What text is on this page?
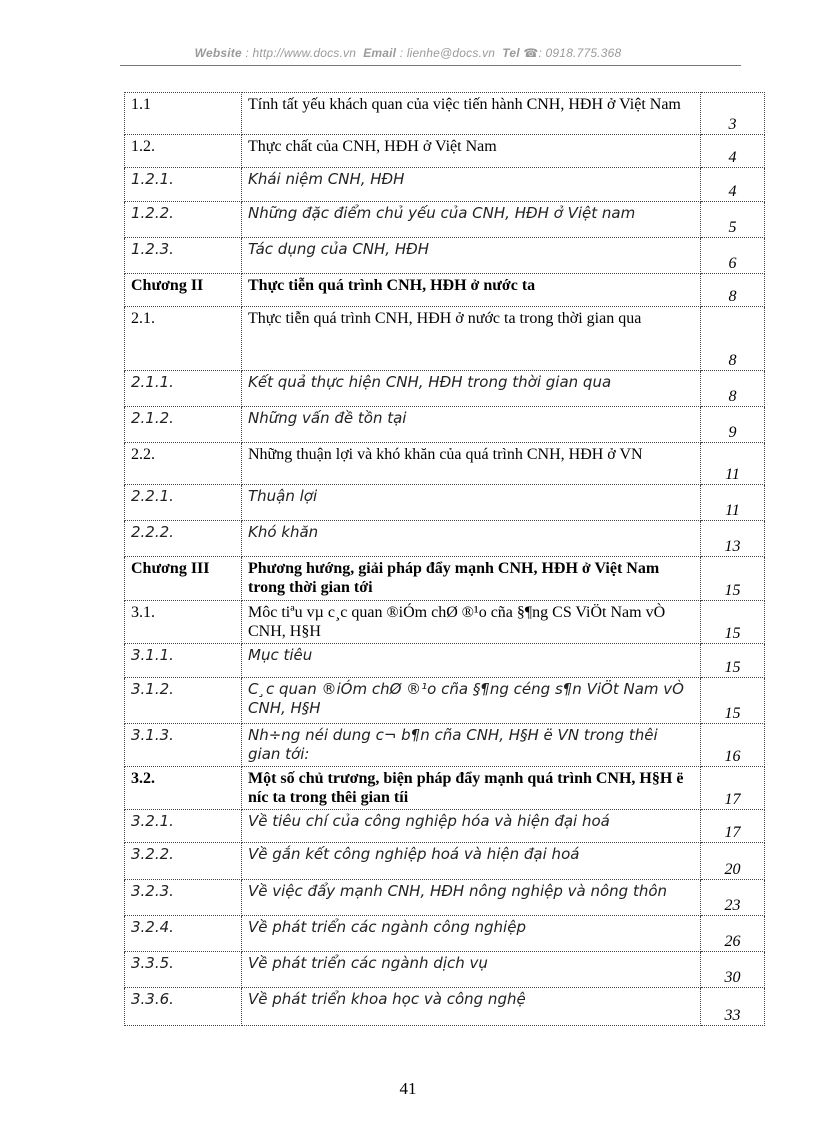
Website : http://www.docs.vn Email : lienhe@docs.vn Tel ☎: 0918.775.368
1.1	Tính tất yếu khách quan của việc tiến hành CNH, HĐH ở Việt Nam	3
1.2.	Thực chất của CNH, HĐH ở Việt Nam	4
1.2.1.	Khái niệm CNH, HĐH	4
1.2.2.	Những đặc điểm chủ yếu của CNH, HĐH ở Việt nam	5
1.2.3.	Tác dụng của CNH, HĐH	6
Chương II	Thực tiễn quá trình CNH, HĐH ở nước ta	8
2.1.	Thực tiễn quá trình CNH, HĐH ở nước ta trong thời gian qua	8
2.1.1.	Kết quả thực hiện CNH, HĐH trong thời gian qua	8
2.1.2.	Những vấn đề tồn tại	9
2.2.	Những thuận lợi và khó khăn của quá trình CNH, HĐH ở VN	11
2.2.1.	Thuận lợi	11
2.2.2.	Khó khăn	13
Chương III	Phương hướng, giải pháp đẩy mạnh CNH, HĐH ở Việt Nam trong thời gian tới	15
3.1.	Môc tiªu vµ c¸c quan ®iÓm chØ ®¹o cña §¶ng CS ViÖt Nam vÒ CNH, H§H	15
3.1.1.	Mục tiêu	15
3.1.2.	C¸c quan ®iÓm chØ ®¹o cña §¶ng céng s¶n ViÖt Nam vÒ CNH, H§H	15
3.1.3.	Nh÷ng néi dung c¬ b¶n cña CNH, H§H ë VN trong thêi gian tới:	16
3.2.	Một số chủ trương, biện pháp đẩy mạnh quá trình CNH, H§H ë níc ta trong thêi gian tíi	17
3.2.1.	Về tiêu chí của công nghiệp hóa và hiện đại hoá	17
3.2.2.	Về gắn kết công nghiệp hoá và hiện đại hoá	20
3.2.3.	Về việc đẩy mạnh CNH, HĐH nông nghiệp và nông thôn	23
3.2.4.	Về phát triển các ngành công nghiệp	26
3.3.5.	Về phát triển các ngành dịch vụ	30
3.3.6.	Về phát triển khoa học và công nghệ	33
41
